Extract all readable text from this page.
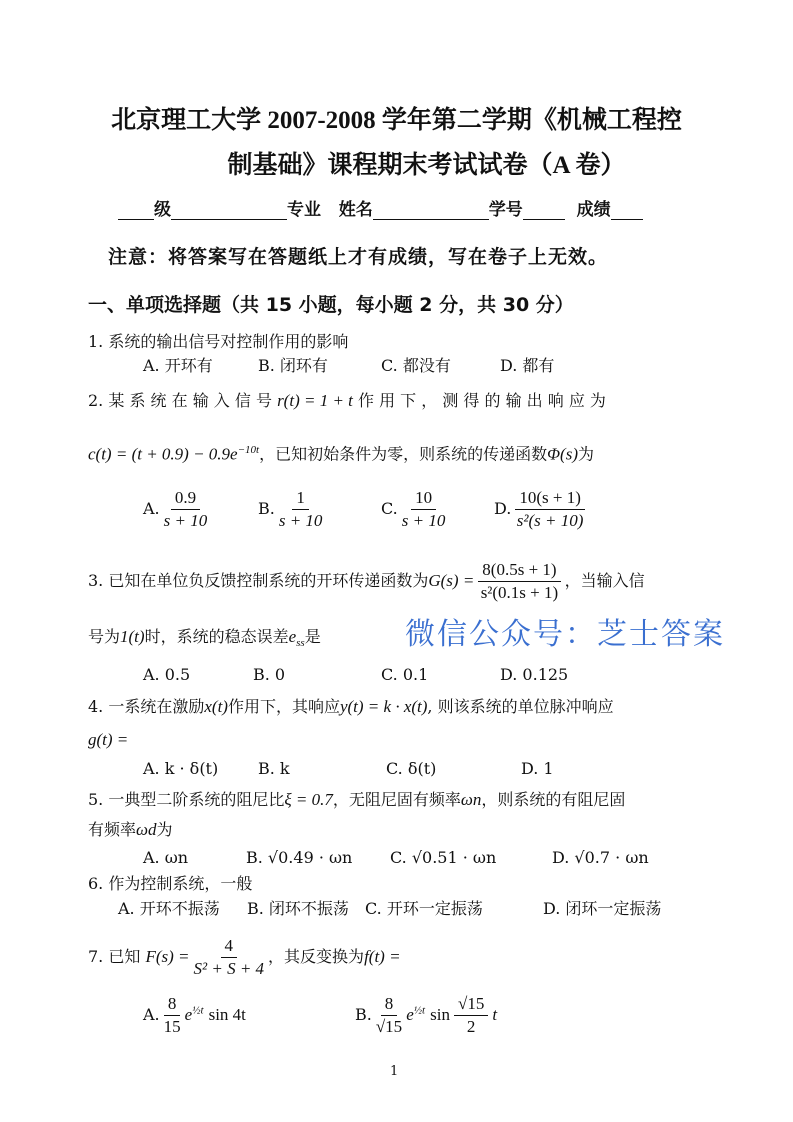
北京理工大学 2007-2008 学年第二学期《机械工程控
制基础》课程期末考试试卷（A 卷）
级	专业 姓名	学号	成绩
注意：将答案写在答题纸上才有成绩，写在卷子上无效。
一、单项选择题（共 15 小题，每小题 2 分，共 30 分）
1. 系统的输出信号对控制作用的影响
A. 开环有	B. 闭环有	C. 都没有	D. 都有
2. 某 系 统 在 输 入 信 号 r(t) = 1 + t 作 用 下 ， 测 得 的 输 出 响 应 为
$c(t) = (t + 0.9) - 0.9e^{-10t}$，已知初始条件为零，则系统的传递函数Φ(s)为
A. $\frac{0.9}{s + 10}$	B. $\frac{1}{s + 10}$	C. $\frac{10}{s + 10}$	D. $\frac{10(s + 1)}{\text{s²(s + 10)}}$
3. 已知在单位负反馈控制系统的开环传递函数为$G(s) = \frac{8(0.5s + 1)}{\text{s²(0.1s + 1)}}$ ，当输入信
号为1(t)时，系统的稳态误差$e_{ss}$是
A. 0.5	B. 0	C. 0.1	D. 0.125
4. 一系统在激励x(t)作用下，其响应y(t) = k · x(t), 则该系统的单位脉冲响应
g(t) =
A. k · δ(t) B. k	C. δ(t)	D. 1
5. 一典型二阶系统的阻尼比ξ = 0.7，无阻尼固有频率ωn，则系统的有阻尼固
有频率ωd为
A. ωn	B. √0.49 · ωn C. √0.51 · ωn	D. √0.7 · ωn
6. 作为控制系统，一般
A. 开环不振荡 B. 闭环不振荡 C. 开环一定振荡	D. 闭环一定振荡
7. 已知 $F(s) = \frac{4}{\text{S² + S + 4}}$ ，其反变换为f(t) =
A. $\frac{8}{15} e^{\frac{1}{2}t}$ sin 4t	B. $\frac{8}{√15} e^{\frac{1}{2}t}$ $\sin \frac{√15}{2}$ t
1
微信公众号：芝士答案
